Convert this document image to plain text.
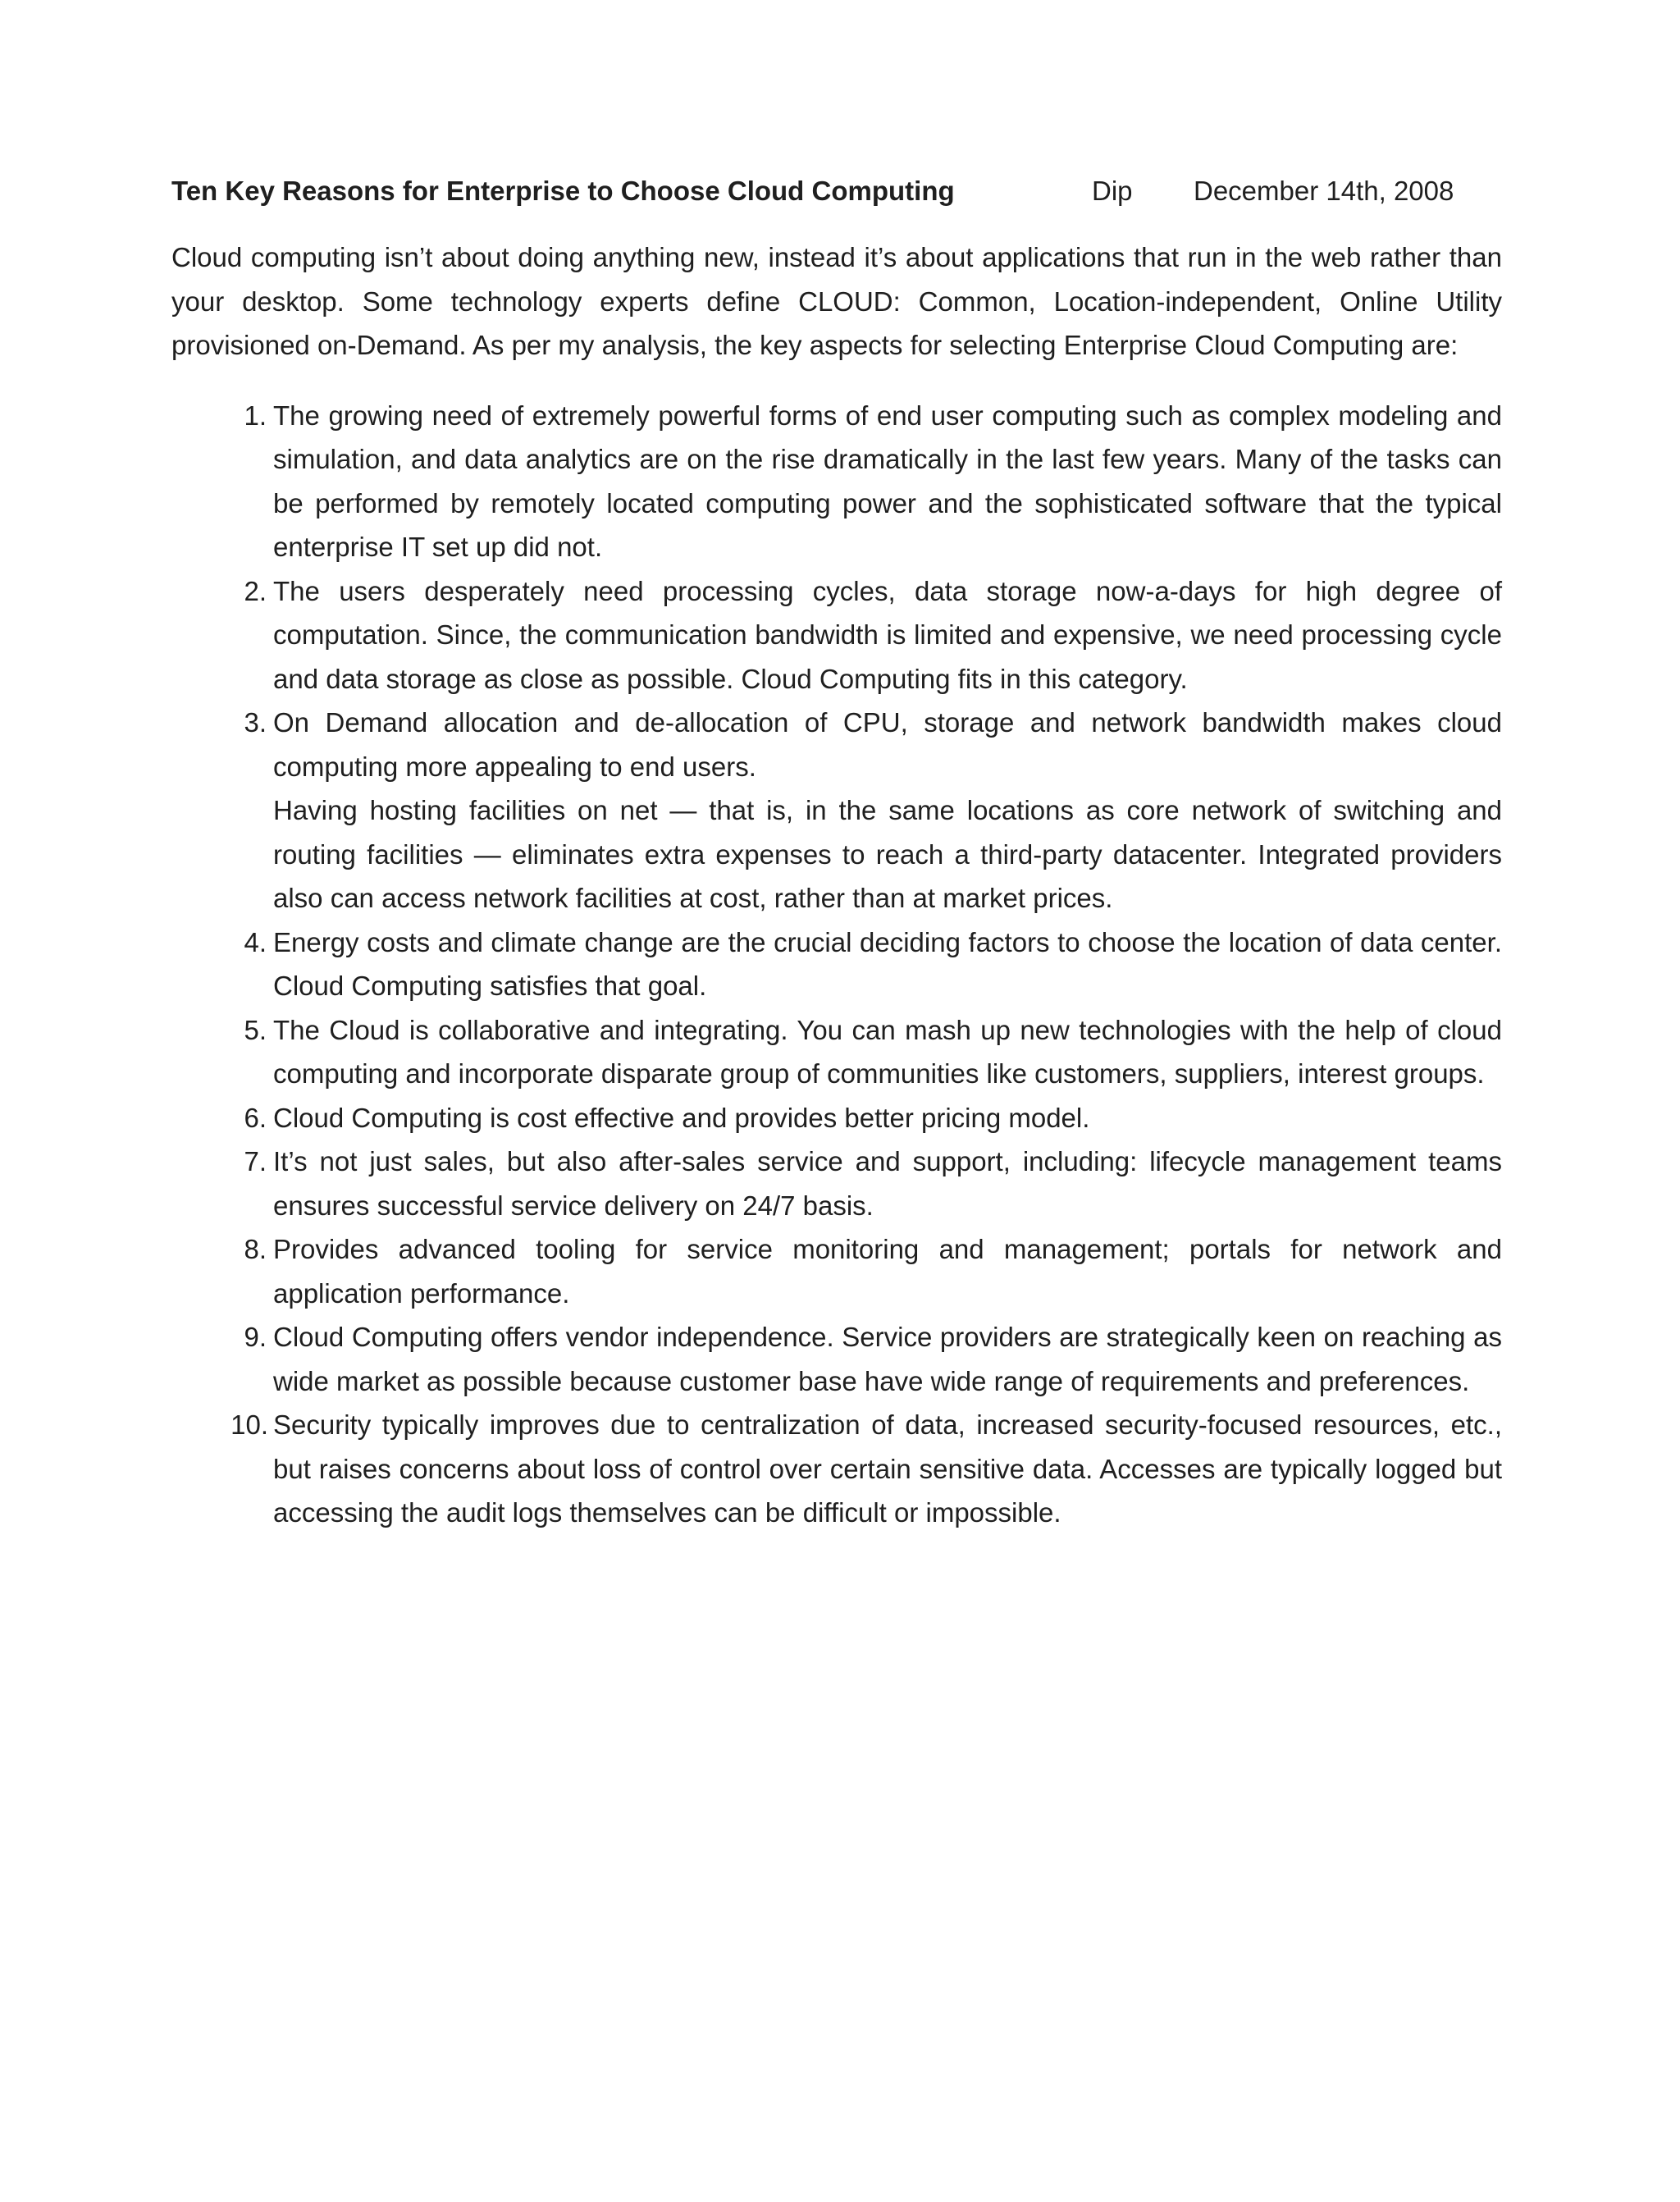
Ten Key Reasons for Enterprise to Choose Cloud Computing	Dip December 14th, 2008

Cloud computing isn’t about doing anything new, instead it’s about applications that run in the web rather than your desktop. Some technology experts define CLOUD: Common, Location-independent, Online Utility provisioned on-Demand. As per my analysis, the key aspects for selecting Enterprise Cloud Computing are:

1. The growing need of extremely powerful forms of end user computing such as complex modeling and simulation, and data analytics are on the rise dramatically in the last few years. Many of the tasks can be performed by remotely located computing power and the sophisticated software that the typical enterprise IT set up did not.
2. The users desperately need processing cycles, data storage now-a-days for high degree of computation. Since, the communication bandwidth is limited and expensive, we need processing cycle and data storage as close as possible. Cloud Computing fits in this category.
3. On Demand allocation and de-allocation of CPU, storage and network bandwidth makes cloud computing more appealing to end users.
Having hosting facilities on net — that is, in the same locations as core network of switching and routing facilities — eliminates extra expenses to reach a third-party datacenter. Integrated providers also can access network facilities at cost, rather than at market prices.
4. Energy costs and climate change are the crucial deciding factors to choose the location of data center. Cloud Computing satisfies that goal.
5. The Cloud is collaborative and integrating. You can mash up new technologies with the help of cloud computing and incorporate disparate group of communities like customers, suppliers, interest groups.
6. Cloud Computing is cost effective and provides better pricing model.
7. It’s not just sales, but also after-sales service and support, including: lifecycle management teams ensures successful service delivery on 24/7 basis.
8. Provides advanced tooling for service monitoring and management; portals for network and application performance.
9. Cloud Computing offers vendor independence. Service providers are strategically keen on reaching as wide market as possible because customer base have wide range of requirements and preferences.
10. Security typically improves due to centralization of data, increased security-focused resources, etc., but raises concerns about loss of control over certain sensitive data. Accesses are typically logged but accessing the audit logs themselves can be difficult or impossible.
